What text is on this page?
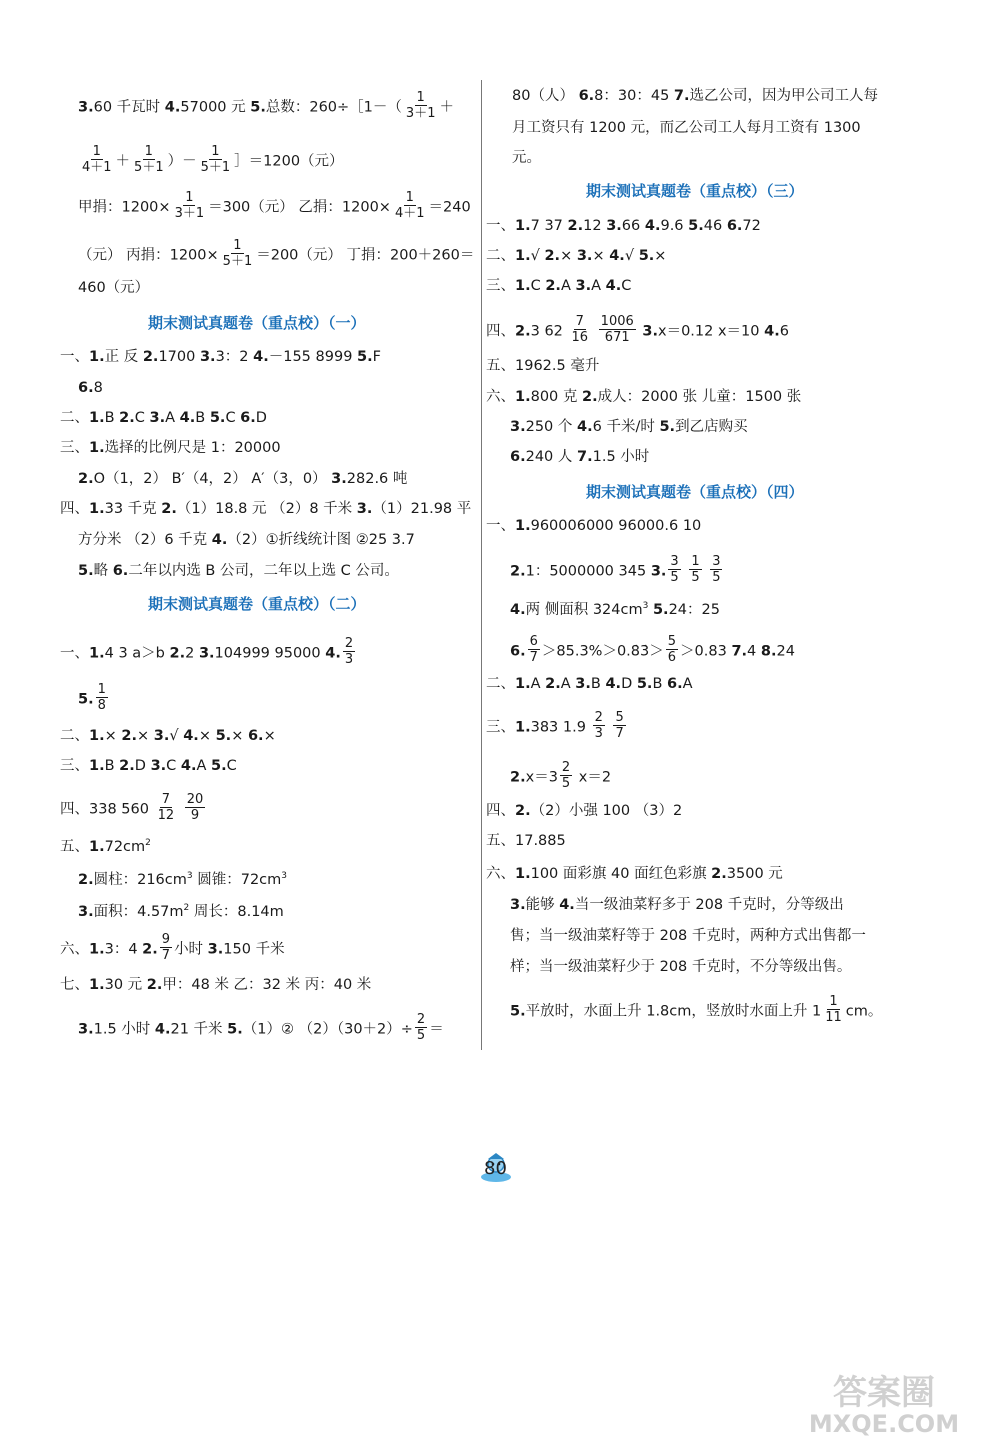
3.60 千瓦时 4.57000 元 5.总数：260÷［1－（ $\frac{1}{3+1}$ ＋
$\frac{1}{4+1} + \frac{1}{5+1}$ ）－ $\frac{1}{5+1}$ ］＝1200（元）
甲捐：$1200\times \frac{1}{3+1} =300$（元） 乙捐：$1200\times \frac{1}{4+1} =240$
（元） 丙捐：$1200\times \frac{1}{5+1} =200$（元） 丁捐：200＋260＝
460（元）
期末测试真题卷（重点校）（一）
一、1.正 反 2.1700 3.3：2 4.－155 8999 5.F
6.8
二、1.B 2.C 3.A 4.B 5.C 6.D
三、1.选择的比例尺是 1：20000
2.O（1，2） B′（4，2） A′（3，0） 3.282.6 吨
四、1.33 千克 2.（1）18.8 元 （2）8 千米 3.（1）21.98 平
方分米 （2）6 千克 4.（2）①折线统计图 ②25 3.7
5.略 6.二年以内选 B 公司，二年以上选 C 公司。
期末测试真题卷（重点校）（二）
一、1.4 3 a＞b 2.2 3.104999 95000 4. $\frac{2}{3}$
5. $\frac{1}{8}$
二、1.× 2.× 3.√ 4.× 5.× 6.×
三、1.B 2.D 3.C 4.A 5.C
四、338 $560 \frac{7}{12}$
$\frac{20}{9}$
五、$1.72cm^2$
2.圆柱：$216cm^3$ 圆锥：$72cm^3$
3.面积：$4.57m^2$ 周长：8.14m
六、1.3：4 2. $\frac{9}{7}$ 小时 3.150 千米
七、1.30 元 2.甲：48 米 乙：32 米 丙：40 米
3.1.5 小时 4.21 千米 5.（1）② $(2)(30+2)\div \frac{2}{5}$ ＝
80（人） 6.8：30：45 7.选乙公司，因为甲公司工人每
月工资只有 1200 元，而乙公司工人每月工资有 1300
元。
期末测试真题卷（重点校）（三）
一、1.7 37 2.12 3.66 4.9.6 5.46 6.72
二、1.√ 2.× 3.× 4.√ 5.×
三、1.C 2.A 3.A 4.C
四、2.3 $62 \frac{7}{16}$
$\frac{1006}{671} 3.x=0.12$ x＝10 4.6
五、1962.5 毫升
六、1.800 克 2.成人：2000 张 儿童：1500 张
3.250 个 4.6 千米/时 5.到乙店购买
6.240 人 7.1.5 小时
期末测试真题卷（重点校）（四）
一、1.960006000 96000.6 10
2.1：5000000 345 3. $\frac{3}{5}$
$\frac{1}{5}$
$\frac{3}{5}$
4.两 侧面积 $324cm^3$ 5.24：25
6. $\frac{6}{7}$ ＞85.3%＞0.8̇3̇＞ $\frac{5}{6} >0.83$ 7.4 8.24
二、1.A 2.A 3.B 4.D 5.B 6.A
三、1.383 $1.9 \frac{2}{3}$
$\frac{5}{7}$
$2.x=3 \frac{2}{5} x=2$
四、2.（2）小强 100 （3）2
五、17.885
六、1.100 面彩旗 40 面红色彩旗 2.3500 元
3.能够 4.当一级油菜籽多于 208 千克时，分等级出
售；当一级油菜籽等于 208 千克时，两种方式出售都一
样；当一级油菜籽少于 208 千克时，不分等级出售。
5.平放时，水面上升 1.8cm，竖放时水面上升 $1 \frac{1}{11}$ cm。
80
答案圈
MXQE.COM
